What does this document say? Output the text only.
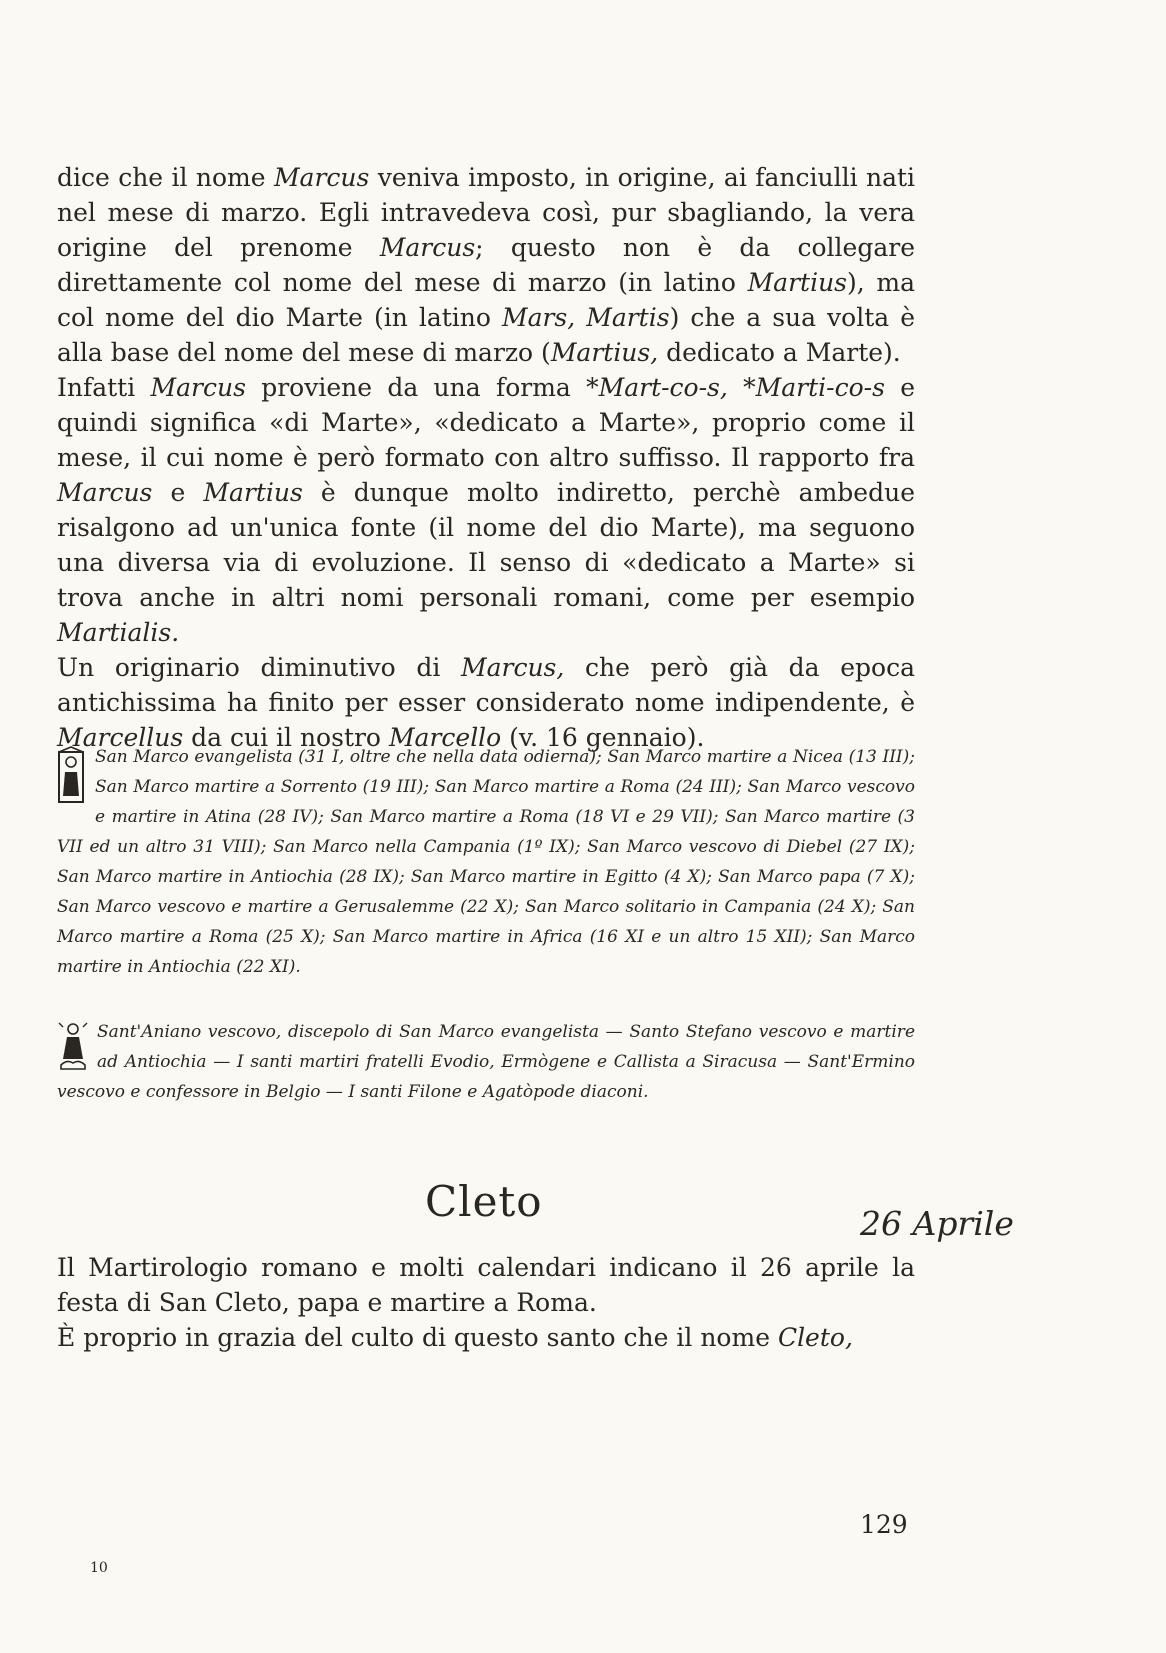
dice che il nome Marcus veniva imposto, in origine, ai fanciulli nati nel mese di marzo. Egli intravedeva così, pur sbagliando, la vera origine del prenome Marcus; questo non è da collegare direttamente col nome del mese di marzo (in latino Martius), ma col nome del dio Marte (in latino Mars, Martis) che a sua volta è alla base del nome del mese di marzo (Martius, dedicato a Marte).

Infatti Marcus proviene da una forma *Mart-co-s, *Marti-co-s e quindi significa «di Marte», «dedicato a Marte», proprio come il mese, il cui nome è però formato con altro suffisso. Il rapporto fra Marcus e Martius è dunque molto indiretto, perchè ambedue risalgono ad un'unica fonte (il nome del dio Marte), ma seguono una diversa via di evoluzione. Il senso di «dedicato a Marte» si trova anche in altri nomi personali romani, come per esempio Martialis.

Un originario diminutivo di Marcus, che però già da epoca antichissima ha finito per esser considerato nome indipendente, è Marcellus da cui il nostro Marcello (v. 16 gennaio).

San Marco evangelista (31 I, oltre che nella data odierna); San Marco martire a Nicea (13 III); San Marco martire a Sorrento (19 III); San Marco martire a Roma (24 III); San Marco vescovo e martire in Atina (28 IV); San Marco martire a Roma (18 VI e 29 VII); San Marco martire (3 VII ed un altro 31 VIII); San Marco nella Campania (1º IX); San Marco vescovo di Diebel (27 IX); San Marco martire in Antiochia (28 IX); San Marco martire in Egitto (4 X); San Marco papa (7 X); San Marco vescovo e martire a Gerusalemme (22 X); San Marco solitario in Campania (24 X); San Marco martire a Roma (25 X); San Marco martire in Africa (16 XI e un altro 15 XII); San Marco martire in Antiochia (22 XI).

Sant'Aniano vescovo, discepolo di San Marco evangelista — Santo Stefano vescovo e martire ad Antiochia — I santi martiri fratelli Evodio, Ermògene e Callista a Siracusa — Sant'Ermino vescovo e confessore in Belgio — I santi Filone e Agatòpode diaconi.

Cleto	26 Aprile

Il Martirologio romano e molti calendari indicano il 26 aprile la festa di San Cleto, papa e martire a Roma.

È proprio in grazia del culto di questo santo che il nome Cleto,

129
10
